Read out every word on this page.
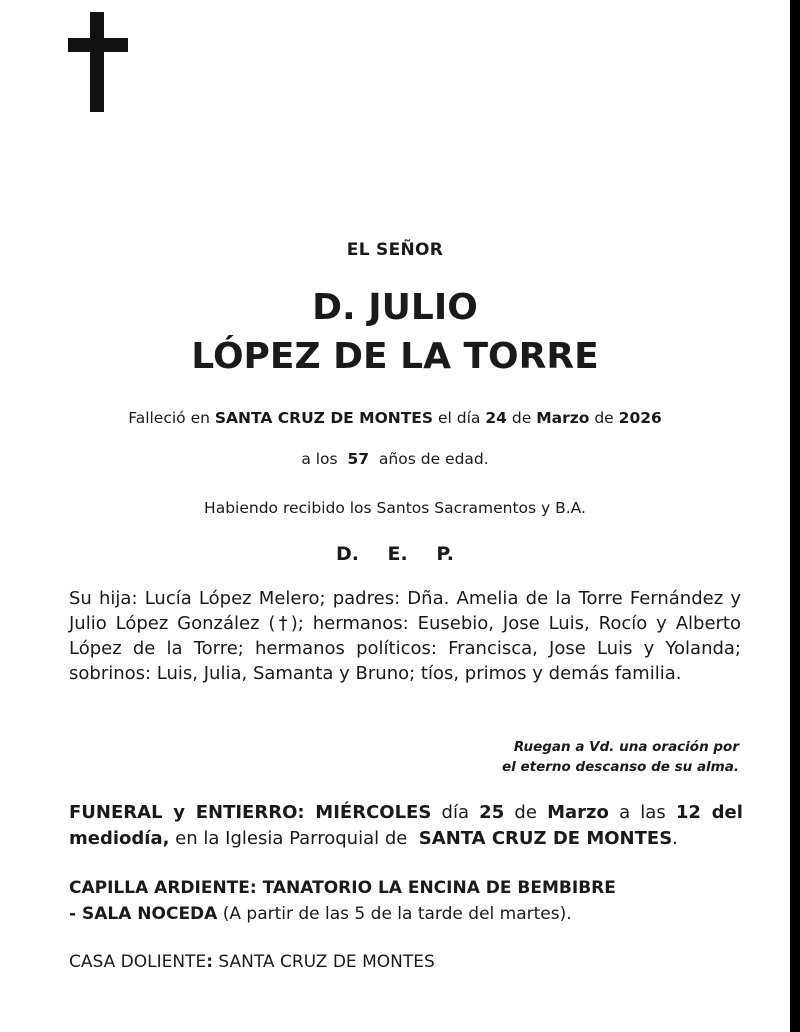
EL SEÑOR
D. JULIO
LÓPEZ DE LA TORRE
Falleció en SANTA CRUZ DE MONTES el día 24 de Marzo de 2026
a los 57 años de edad.
Habiendo recibido los Santos Sacramentos y B.A.
D. E. P.
Su hija: Lucía López Melero; padres: Dña. Amelia de la Torre Fernández y Julio López González (†); hermanos: Eusebio, Jose Luis, Rocío y Alberto López de la Torre; hermanos políticos: Francisca, Jose Luis y Yolanda; sobrinos: Luis, Julia, Samanta y Bruno; tíos, primos y demás familia.
Ruegan a Vd. una oración por
el eterno descanso de su alma.
FUNERAL y ENTIERRO: MIÉRCOLES día 25 de Marzo a las 12 del mediodía, en la Iglesia Parroquial de SANTA CRUZ DE MONTES.
CAPILLA ARDIENTE: TANATORIO LA ENCINA DE BEMBIBRE
- SALA NOCEDA (A partir de las 5 de la tarde del martes).
CASA DOLIENTE: SANTA CRUZ DE MONTES
